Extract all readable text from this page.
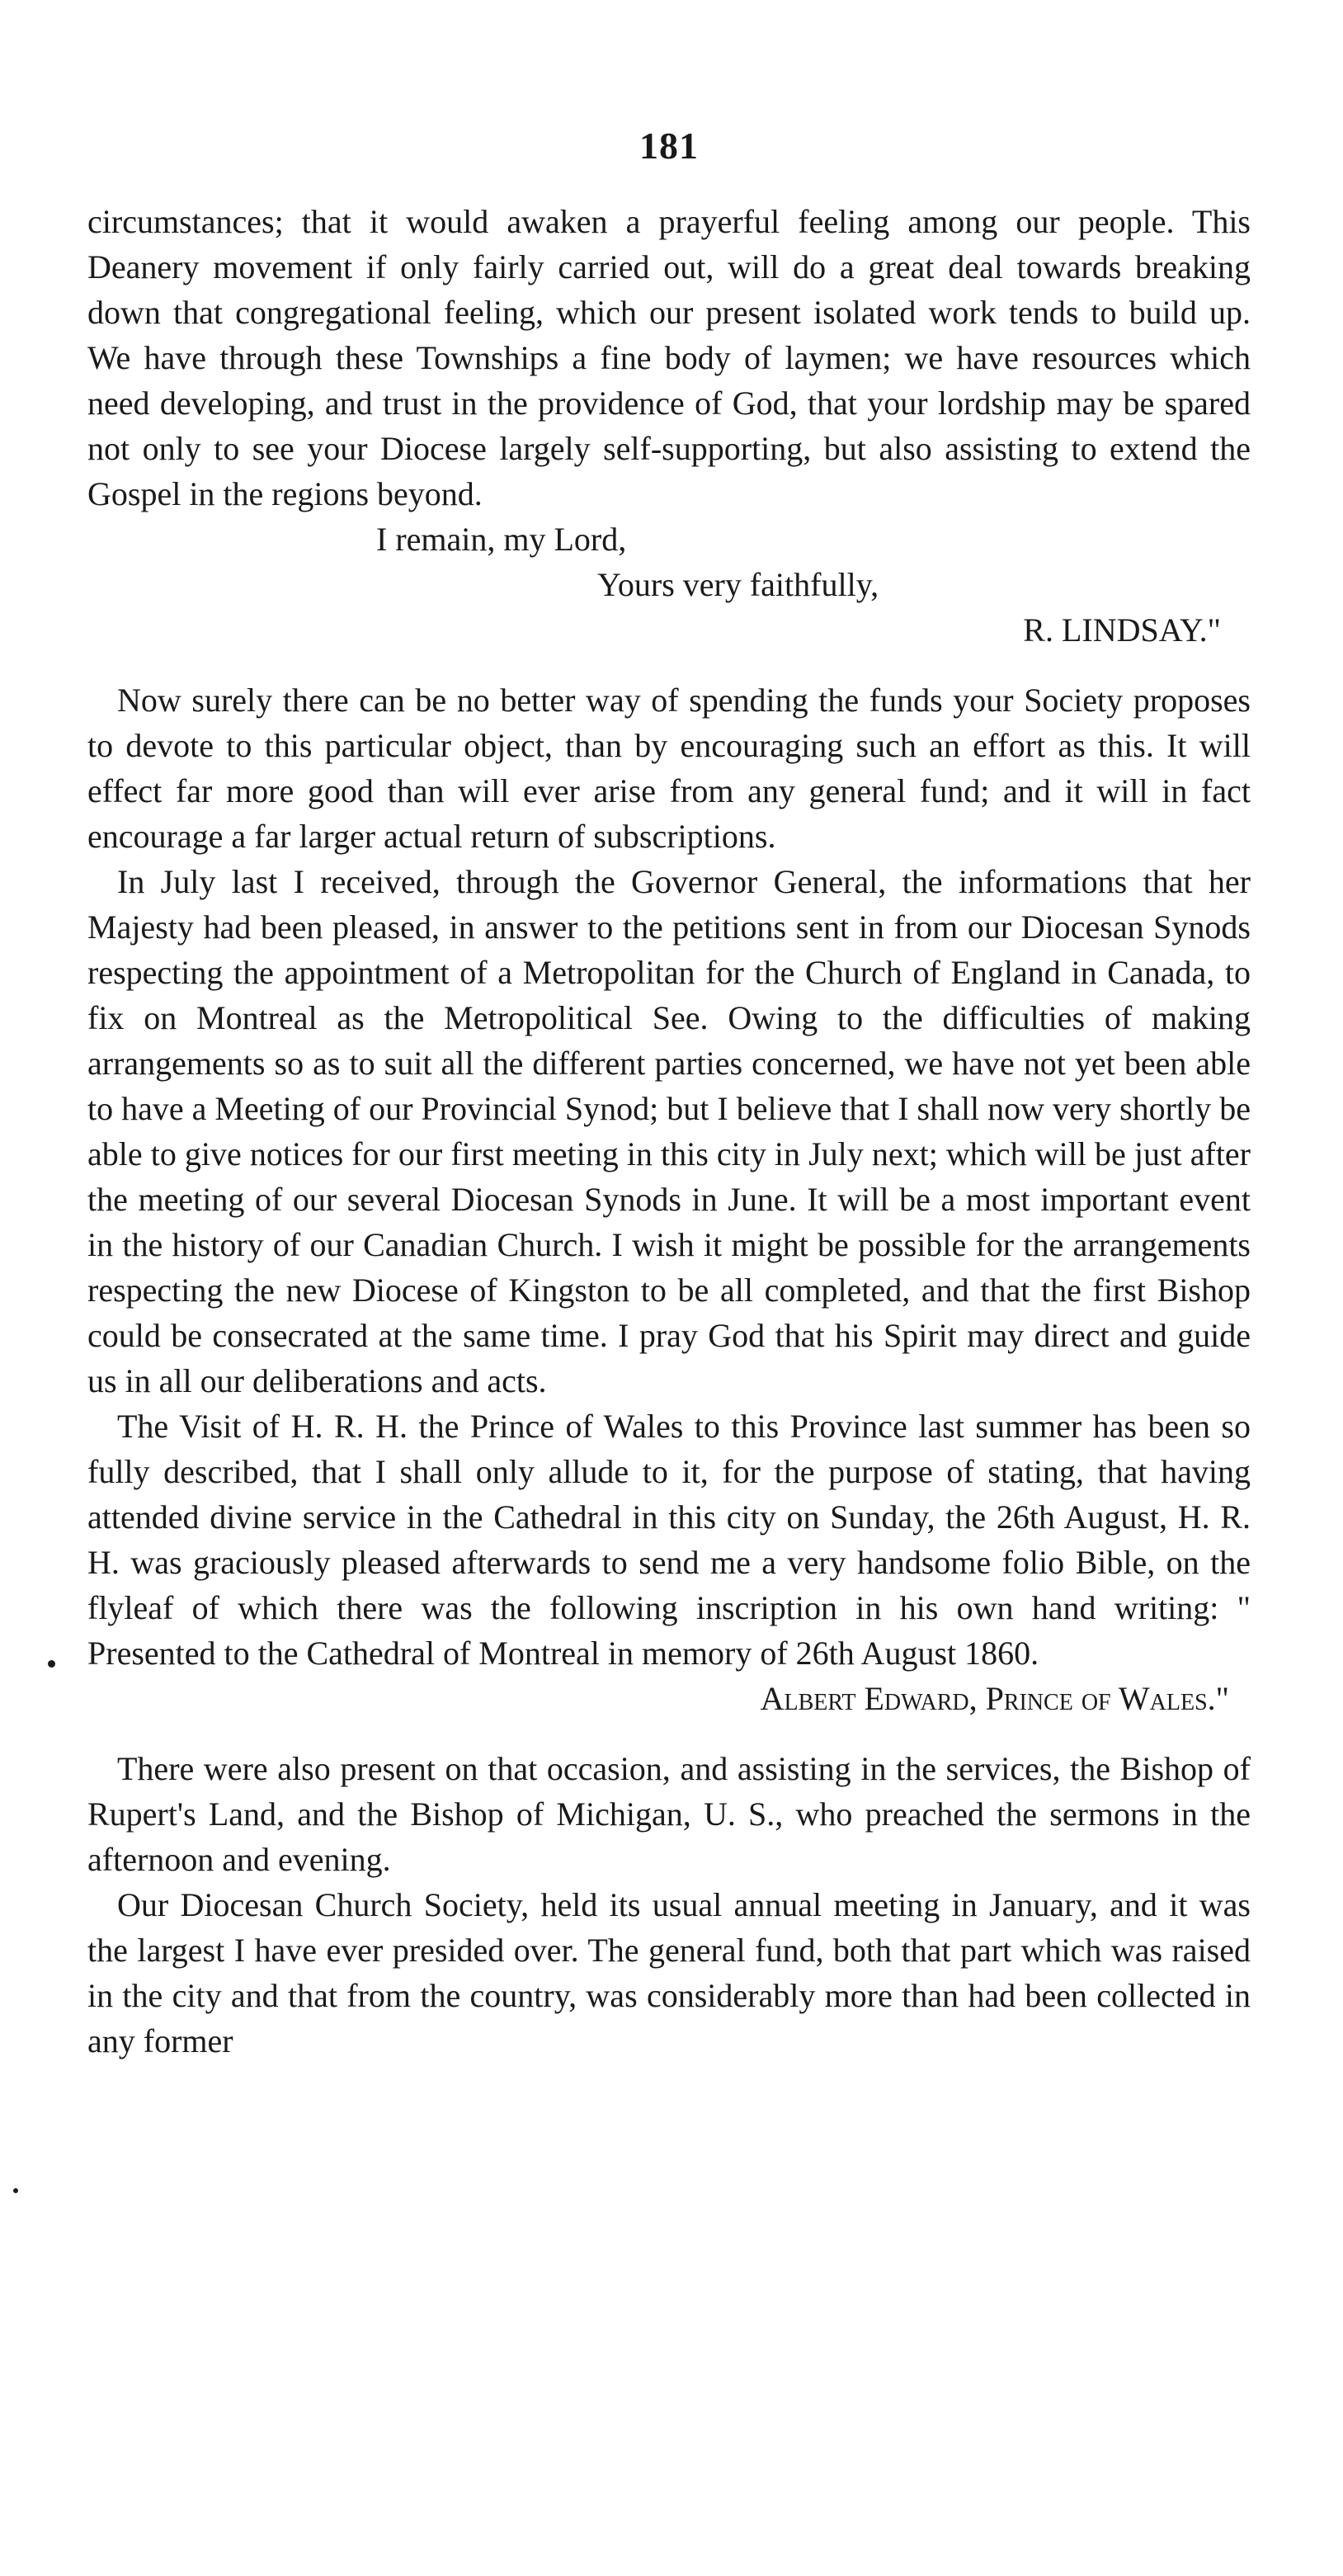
181

circumstances; that it would awaken a prayerful feeling among our people. This Deanery movement if only fairly carried out, will do a great deal towards breaking down that congregational feeling, which our present isolated work tends to build up. We have through these Townships a fine body of laymen; we have resources which need developing, and trust in the providence of God, that your lordship may be spared not only to see your Diocese largely self-supporting, but also assisting to extend the Gospel in the regions beyond.

I remain, my Lord,

Yours very faithfully,

R. LINDSAY."

Now surely there can be no better way of spending the funds your Society proposes to devote to this particular object, than by encouraging such an effort as this. It will effect far more good than will ever arise from any general fund; and it will in fact encourage a far larger actual return of subscriptions.

In July last I received, through the Governor General, the informations that her Majesty had been pleased, in answer to the petitions sent in from our Diocesan Synods respecting the appointment of a Metropolitan for the Church of England in Canada, to fix on Montreal as the Metropolitical See. Owing to the difficulties of making arrangements so as to suit all the different parties concerned, we have not yet been able to have a Meeting of our Provincial Synod; but I believe that I shall now very shortly be able to give notices for our first meeting in this city in July next; which will be just after the meeting of our several Diocesan Synods in June. It will be a most important event in the history of our Canadian Church. I wish it might be possible for the arrangements respecting the new Diocese of Kingston to be all completed, and that the first Bishop could be consecrated at the same time. I pray God that his Spirit may direct and guide us in all our deliberations and acts.

The Visit of H. R. H. the Prince of Wales to this Province last summer has been so fully described, that I shall only allude to it, for the purpose of stating, that having attended divine service in the Cathedral in this city on Sunday, the 26th August, H. R. H. was graciously pleased afterwards to send me a very handsome folio Bible, on the flyleaf of which there was the following inscription in his own hand writing: " Presented to the Cathedral of Montreal in memory of 26th August 1860.

Albert Edward, Prince of Wales."

There were also present on that occasion, and assisting in the services, the Bishop of Rupert's Land, and the Bishop of Michigan, U. S., who preached the sermons in the afternoon and evening.

Our Diocesan Church Society, held its usual annual meeting in January, and it was the largest I have ever presided over. The general fund, both that part which was raised in the city and that from the country, was considerably more than had been collected in any former
